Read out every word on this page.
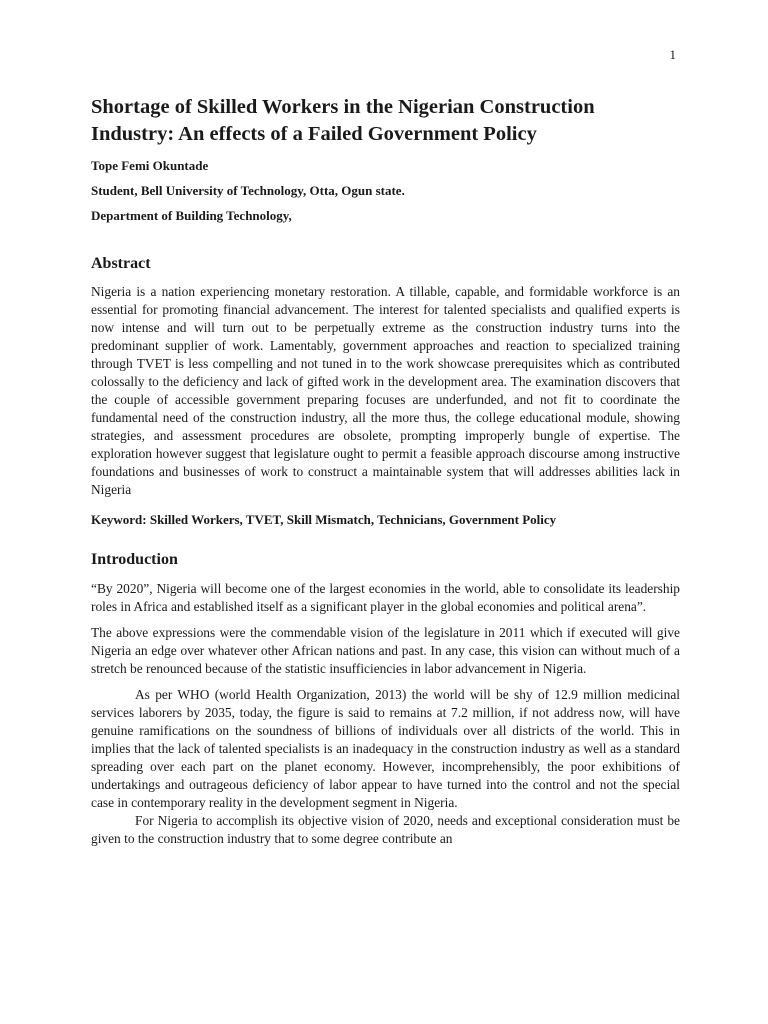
1
Shortage of Skilled Workers in the Nigerian Construction Industry: An effects of a Failed Government Policy
Tope Femi Okuntade
Student, Bell University of Technology, Otta, Ogun state.
Department of Building Technology,
Abstract

Nigeria is a nation experiencing monetary restoration. A tillable, capable, and formidable workforce is an essential for promoting financial advancement. The interest for talented specialists and qualified experts is now intense and will turn out to be perpetually extreme as the construction industry turns into the predominant supplier of work. Lamentably, government approaches and reaction to specialized training through TVET is less compelling and not tuned in to the work showcase prerequisites which as contributed colossally to the deficiency and lack of gifted work in the development area. The examination discovers that the couple of accessible government preparing focuses are underfunded, and not fit to coordinate the fundamental need of the construction industry, all the more thus, the college educational module, showing strategies, and assessment procedures are obsolete, prompting improperly bungle of expertise. The exploration however suggest that legislature ought to permit a feasible approach discourse among instructive foundations and businesses of work to construct a maintainable system that will addresses abilities lack in Nigeria

Keyword: Skilled Workers, TVET, Skill Mismatch, Technicians, Government Policy

Introduction

“By 2020”, Nigeria will become one of the largest economies in the world, able to consolidate its leadership roles in Africa and established itself as a significant player in the global economies and political arena”.

The above expressions were the commendable vision of the legislature in 2011 which if executed will give Nigeria an edge over whatever other African nations and past. In any case, this vision can without much of a stretch be renounced because of the statistic insufficiencies in labor advancement in Nigeria.

As per WHO (world Health Organization, 2013) the world will be shy of 12.9 million medicinal services laborers by 2035, today, the figure is said to remains at 7.2 million, if not address now, will have genuine ramifications on the soundness of billions of individuals over all districts of the world. This in implies that the lack of talented specialists is an inadequacy in the construction industry as well as a standard spreading over each part on the planet economy. However, incomprehensibly, the poor exhibitions of undertakings and outrageous deficiency of labor appear to have turned into the control and not the special case in contemporary reality in the development segment in Nigeria.

For Nigeria to accomplish its objective vision of 2020, needs and exceptional consideration must be given to the construction industry that to some degree contribute an
